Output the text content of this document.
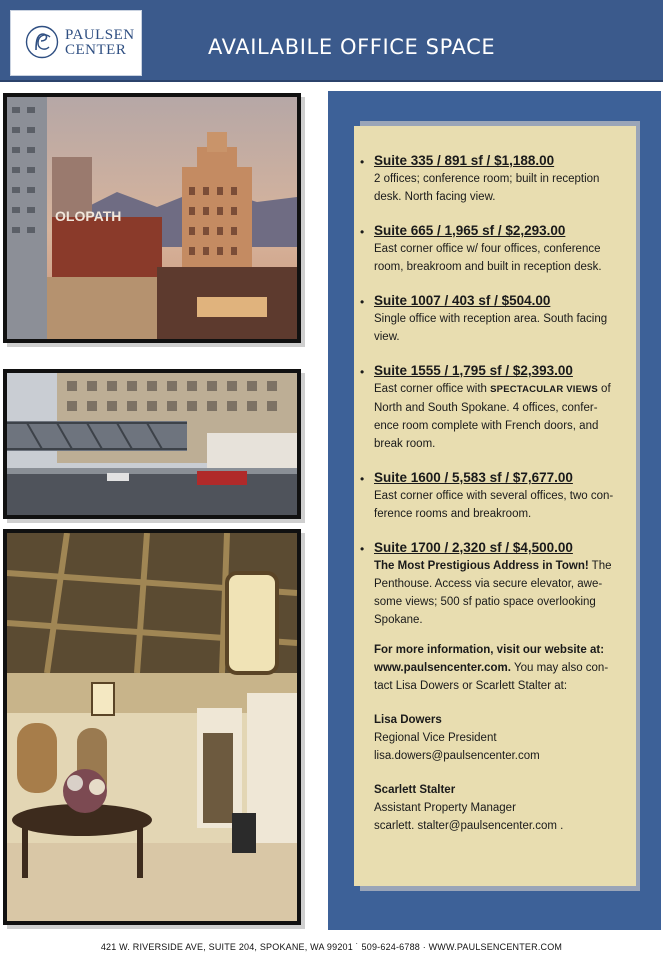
PAULSEN
CENTER	AVAILABILE OFFICE SPACE
OLOPATH
• Suite 335 / 891 sf / $1,188.00
2 offices; conference room; built in reception desk. North facing view.
• Suite 665 / 1,965 sf / $2,293.00
East corner office w/ four offices, conference room, breakroom and built in reception desk.
• Suite 1007 / 403 sf / $504.00
Single office with reception area. South facing view.
• Suite 1555 / 1,795 sf / $2,393.00
East corner office with SPECTACULAR VIEWS of North and South Spokane. 4 offices, confer-ence room complete with French doors, and break room.
• Suite 1600 / 5,583 sf / $7,677.00
East corner office with several offices, two con-ference rooms and breakroom.
• Suite 1700 / 2,320 sf / $4,500.00
The Most Prestigious Address in Town! The Penthouse. Access via secure elevator, awe-some views; 500 sf patio space overlooking Spokane.
For more information, visit our website at: www.paulsencenter.com. You may also con-tact Lisa Dowers or Scarlett Stalter at:
Lisa Dowers
Regional Vice President
lisa.dowers@paulsencenter.com
Scarlett Stalter
Assistant Property Manager
scarlett. stalter@paulsencenter.com .
421 W. RIVERSIDE AVE, SUITE 204, SPOKANE, WA 99201 ˙ 509-624-6788 · WWW.PAULSENCENTER.COM
